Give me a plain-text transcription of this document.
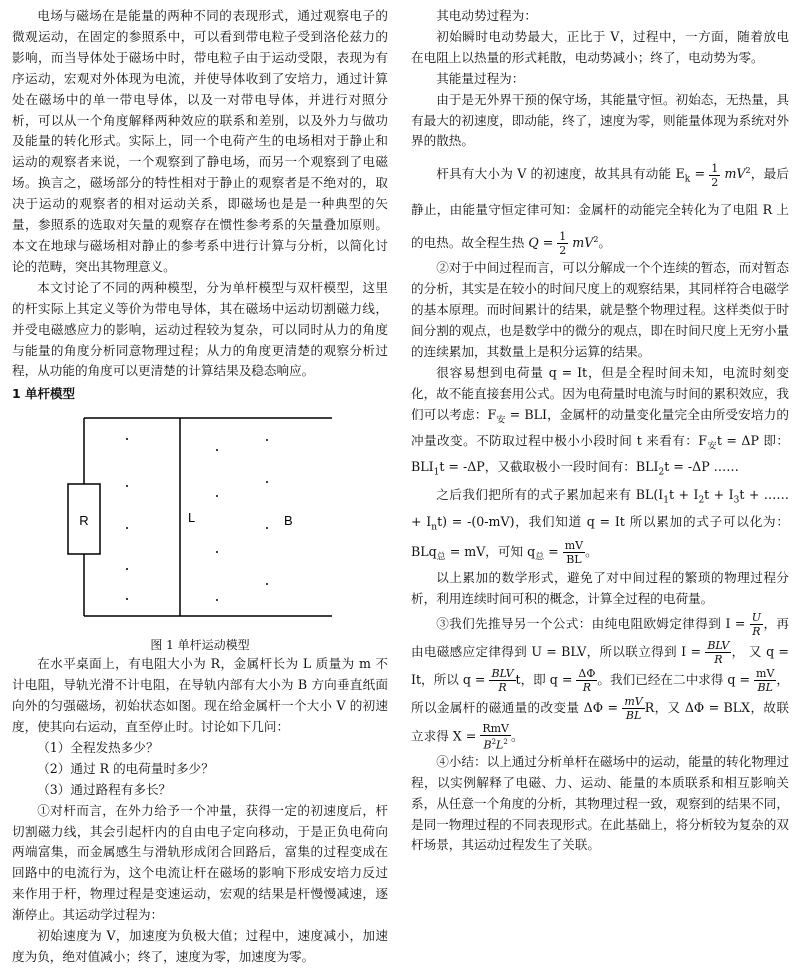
电场与磁场在是能量的两种不同的表现形式，通过观察电子的微观运动，在固定的参照系中，可以看到带电粒子受到洛伦兹力的影响，而当导体处于磁场中时，带电粒子由于运动受限，表现为有序运动，宏观对外体现为电流，并使导体收到了安培力，通过计算处在磁场中的单一带电导体，以及一对带电导体，并进行对照分析，可以从一个角度解释两种效应的联系和差别，以及外力与做功及能量的转化形式。实际上，同一个电荷产生的电场相对于静止和运动的观察者来说，一个观察到了静电场，而另一个观察到了电磁场。换言之，磁场部分的特性相对于静止的观察者是不绝对的，取决于运动的观察者的相对运动关系，即磁场也是是一种典型的矢量，参照系的选取对矢量的观察存在惯性参考系的矢量叠加原则。本文在地球与磁场相对静止的参考系中进行计算与分析，以简化讨论的范畴，突出其物理意义。

本文讨论了不同的两种模型，分为单杆模型与双杆模型，这里的杆实际上其定义等价为带电导体，其在磁场中运动切割磁力线，并受电磁感应力的影响，运动过程较为复杂，可以同时从力的角度与能量的角度分析同意物理过程；从力的角度更清楚的观察分析过程，从功能的角度可以更清楚的计算结果及稳态响应。

1 单杆模型
R	L	B

图 1 单杆运动模型

在水平桌面上，有电阻大小为 R，金属杆长为 L 质量为 m 不计电阻，导轨光滑不计电阻，在导轨内部有大小为 B 方向垂直纸面向外的匀强磁场，初始状态如图。现在给金属杆一个大小 V 的初速度，使其向右运动，直至停止时。讨论如下几问：

（1）全程发热多少？

（2）通过 R 的电荷量时多少？

（3）通过路程有多长？

①对杆而言，在外力给予一个冲量，获得一定的初速度后，杆切割磁力线，其会引起杆内的自由电子定向移动，于是正负电荷向两端富集，而金属感生与滑轨形成闭合回路后，富集的过程变成在回路中的电流行为，这个电流让杆在磁场的影响下形成安培力反过来作用于杆，物理过程是变速运动，宏观的结果是杆慢慢减速，逐渐停止。其运动学过程为：

初始速度为 V，加速度为负极大值；过程中，速度减小，加速度为负，绝对值减小；终了，速度为零，加速度为零。

其电动势过程为：

初始瞬时电动势最大，正比于 V，过程中，一方面，随着放电在电阻上以热量的形式耗散，电动势减小；终了，电动势为零。

其能量过程为：

由于是无外界干预的保守场，其能量守恒。初始态，无热量，具有最大的初速度，即动能，终了，速度为零，则能量体现为系统对外界的散热。

杆具有大小为 V 的初速度，故其具有动能 $E_k = \frac{1}{2} mV^2$，最后静止，由能量守恒定律可知：金属杆的动能完全转化为了电阻 R 上的电热。故全程生热 $Q = \frac{1}{2} mV^2$。

②对于中间过程而言，可以分解成一个个连续的暂态，而对暂态的分析，其实是在较小的时间尺度上的观察结果，其同样符合电磁学的基本原理。而时间累计的结果，就是整个物理过程。这样类似于时间分割的观点，也是数学中的微分的观点，即在时间尺度上无穷小量的连续累加，其数量上是积分运算的结果。

很容易想到电荷量 q = It，但是全程时间未知，电流时刻变化，故不能直接套用公式。因为电荷量时电流与时间的累积效应，我们可以考虑：$F_安$ = BLI，金属杆的动量变化量完全由所受安培力的冲量改变。不防取过程中极小小段时间 t 来看有：$F_安t = \Delta P$ 即：$BLI_1t = -\Delta P$，又截取极小一段时间有：$BLI_2t = -\Delta P$ ……

之后我们把所有的式子累加起来有 $BL(I_1t + I_2t + I_3t$ + …… + $I_nt) = -(0-mV)$，我们知道 q = It 所以累加的式子可以化为：BLq$_总$ = mV，可知 $q_总 = \frac{mV}{BL}$ 。

以上累加的数学形式，避免了对中间过程的繁琐的物理过程分析，利用连续时间可积的概念，计算全过程的电荷量。

③我们先推导另一个公式：由纯电阻欧姆定律得到 $I = \frac{U}{R}$ ，再由电磁感应定律得到 U = BLV，所以联立得到 I = BLV
R
， 又 q = It，所以 q = BLV
R
t，即 $q = \frac{\Delta\Phi}{R}$ 。我们已经在二中求得 $q = \frac{mV}{BL}$ ，所以金属杆的磁通量的改变量 $\Delta\Phi = \frac{mV}{BL}$ R，又 ΔΦ = BLX，故联立求得 X = RmV
$B^2L^2$ 。

④小结：以上通过分析单杆在磁场中的运动，能量的转化物理过程，以实例解释了电磁、力、运动、能量的本质联系和相互影响关系，从任意一个角度的分析，其物理过程一致，观察到的结果不同，是同一物理过程的不同表现形式。在此基础上，将分析较为复杂的双杆场景，其运动过程发生了关联。
